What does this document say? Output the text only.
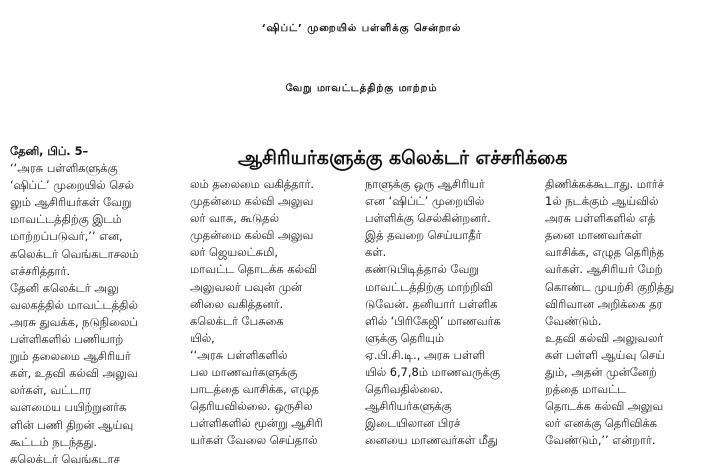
‘ஷிப்ட்’ முறையில் பள்ளிக்கு சென்றால்
வேறு மாவட்டத்திற்கு மாற்றம்
ஆசிரியர்களுக்கு கலெக்டர் எச்சரிக்கை
தேனி, பிப். 5–
‘‘அரசு பள்ளிகளுக்கு
‘ஷிப்ட்’ முறையில் செல்
லும் ஆசிரியர்கள் வேறு
மாவட்டத்திற்கு இடம்
மாற்றப்படுவர்,’’ என,
கலெக்டர் வெங்கடாசலம்
எச்சரித்தார்.
தேனி கலெக்டர் அலு
வலகத்தில் மாவட்டத்தில்
அரசு துவக்க, நடுநிலைப்
பள்ளிகளில் பணியாற்
றும் தலைமை ஆசிரியர்
கள், உதவி கல்வி அலுவ
லர்கள், வட்டார
வளமைய பயிற்றுனர்க
ளின் பணி திறன் ஆய்வு
கூட்டம் நடந்தது.
கலெக்டர் வெங்கடாச
லம் தலைமை வகித்தார்.
முதன்மை கல்வி அலுவ
லர் வாசு, கூடுதல்
முதன்மை கல்வி அலுவ
லர் ஜெயலட்சுமி,
மாவட்ட தொடக்க கல்வி
அலுவலர் பவுன் முன்
னிலை வகித்தனர்.
கலெக்டர் பேசுகை
யில்,
‘‘அரசு பள்ளிகளில்
பல மாணவர்களுக்கு
பாடத்தை வாசிக்க, எழுத
தெரியவில்லை. ஒருசில
பள்ளிகளில் மூன்று ஆசிரி
யர்கள் வேலை செய்தால்
நாளுக்கு ஒரு ஆசிரியர்
என ‘ஷிப்ட்’ முறையில்
பள்ளிக்கு செல்கின்றனர்.
இத் தவறை செய்யாதீர்
கள்.
கண்டுபிடித்தால் வேறு
மாவட்டத்திற்கு மாற்றிவி
டுவேன். தனியார் பள்ளிக
ளில் ‘பிரிகேஜி’ மாணவர்க
ளுக்கு தெரியும்
ஏ.பி.சி.டி., அரசு பள்ளி
யில் 6,7,8ம் மாணவருக்கு
தெரிவதில்லை.
ஆசிரியர்களுக்கு
இடையிலான பிரச்
னையை மாணவர்கள் மீது
திணிக்கக்கூடாது. மார்ச்
1ல் நடக்கும் ஆய்வில்
அரசு பள்ளிகளில் எத்
தனை மாணவர்கள்
வாசிக்க, எழுத தெரிந்த
வர்கள். ஆசிரியர் மேற்
கொண்ட முயற்சி குறித்து
விரிவான அறிக்கை தர
வேண்டும்.
உதவி கல்வி அலுவலர்
கள் பள்ளி ஆய்வு செய்
தும், அதன் முன்னேற்
றத்தை மாவட்ட
தொடக்க கல்வி அலுவ
லர் எனக்கு தெரிவிக்க
வேண்டும்,’’ என்றார்.
